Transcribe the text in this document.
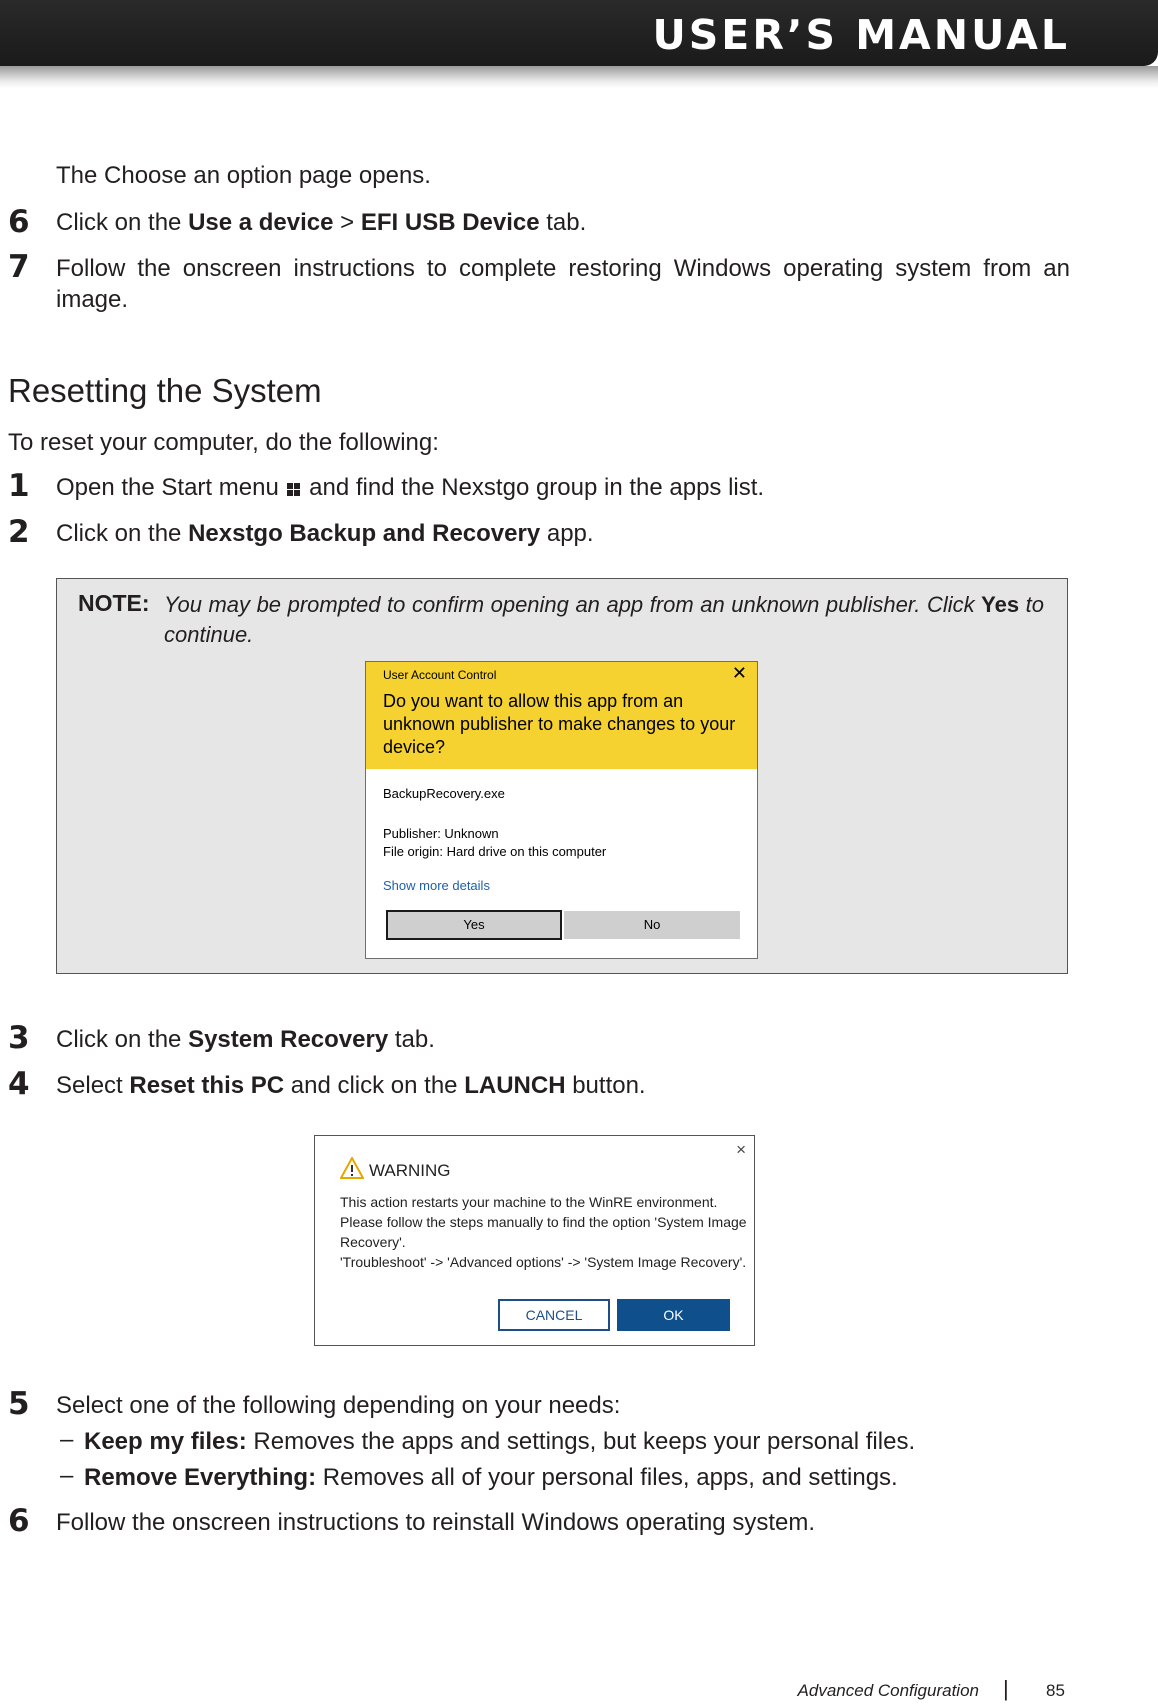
USER’S MANUAL
The Choose an option page opens.
6 Click on the Use a device > EFI USB Device tab.
7 Follow the onscreen instructions to complete restoring Windows operating system from an image.
Resetting the System
To reset your computer, do the following:
1 Open the Start menu  and find the Nexstgo group in the apps list.
2 Click on the Nexstgo Backup and Recovery app.
NOTE: You may be prompted to confirm opening an app from an unknown publisher. Click Yes to continue.
User Account Control	✕
Do you want to allow this app from an unknown publisher to make changes to your device?
BackupRecovery.exe
Publisher: Unknown
File origin: Hard drive on this computer
Show more details
Yes	No
3 Click on the System Recovery tab.
4 Select Reset this PC and click on the LAUNCH button.
×
WARNING
This action restarts your machine to the WinRE environment.
Please follow the steps manually to find the option 'System Image Recovery'.
'Troubleshoot' -> 'Advanced options' -> 'System Image Recovery'.
CANCEL	OK
5 Select one of the following depending on your needs:
– Keep my files: Removes the apps and settings, but keeps your personal files.
– Remove Everything: Removes all of your personal files, apps, and settings.
6 Follow the onscreen instructions to reinstall Windows operating system.
Advanced Configuration | 85
